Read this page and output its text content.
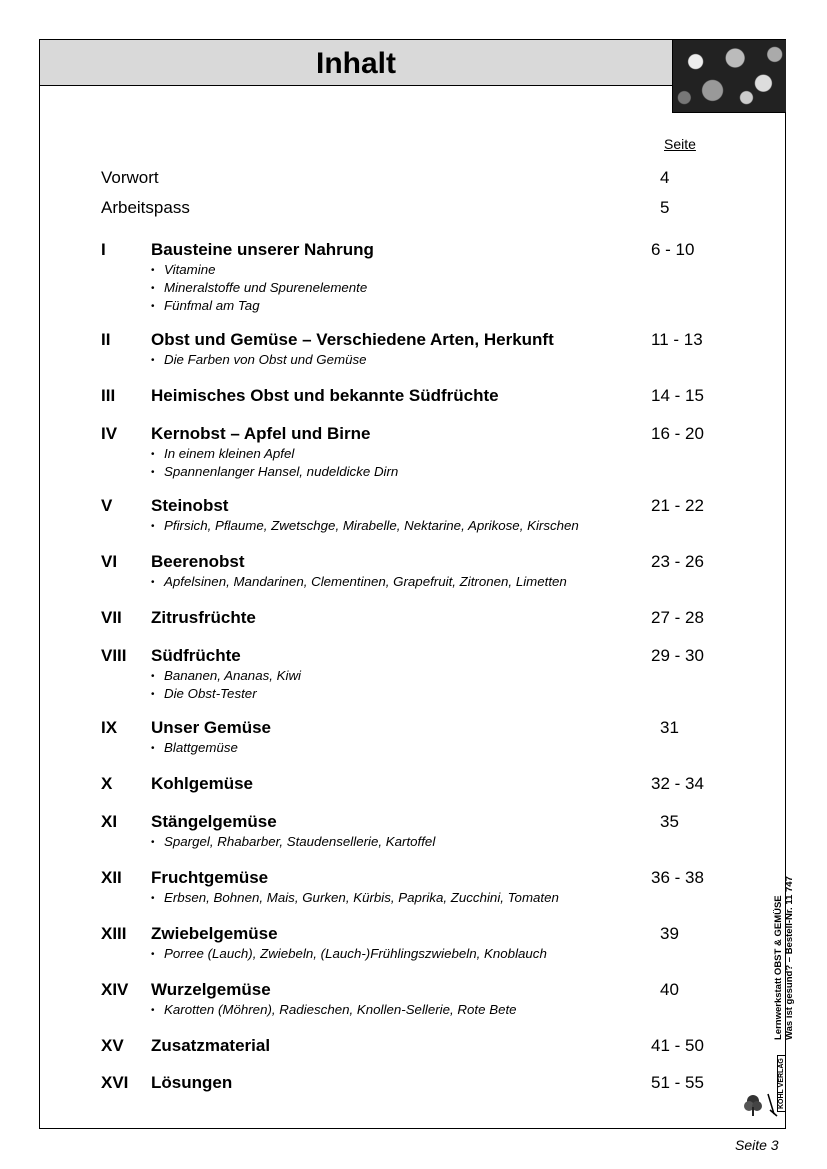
Inhalt
Seite
Vorwort	4
Arbeitspass	5
I	Bausteine unserer Nahrung	6 - 10
• Vitamine
• Mineralstoffe und Spurenelemente
• Fünfmal am Tag
II Obst und Gemüse – Verschiedene Arten, Herkunft	11 - 13
• Die Farben von Obst und Gemüse
III Heimisches Obst und bekannte Südfrüchte	14 - 15
IV Kernobst – Apfel und Birne	16 - 20
• In einem kleinen Apfel
• Spannenlanger Hansel, nudeldicke Dirn
V Steinobst	21 - 22
• Pfirsich, Pflaume, Zwetschge, Mirabelle, Nektarine, Aprikose, Kirschen
VI Beerenobst	23 - 26
• Apfelsinen, Mandarinen, Clementinen, Grapefruit, Zitronen, Limetten
VII Zitrusfrüchte	27 - 28
VIII Südfrüchte	29 - 30
• Bananen, Ananas, Kiwi
• Die Obst-Tester
IX Unser Gemüse	31
• Blattgemüse
X Kohlgemüse	32 - 34
XI Stängelgemüse	35
• Spargel, Rhabarber, Staudensellerie, Kartoffel
XII Fruchtgemüse	36 - 38
• Erbsen, Bohnen, Mais, Gurken, Kürbis, Paprika, Zucchini, Tomaten
XIII Zwiebelgemüse	39
• Porree (Lauch), Zwiebeln, (Lauch-)Frühlingszwiebeln, Knoblauch
XIV Wurzelgemüse	40
• Karotten (Möhren), Radieschen, Knollen-Sellerie, Rote Bete
XV Zusatzmaterial	41 - 50
XVI Lösungen	51 - 55
Lernwerkstatt OBST & GEMÜSE Was ist gesund? – Bestell-Nr. 11 747
KOHL VERLAG
Seite 3
